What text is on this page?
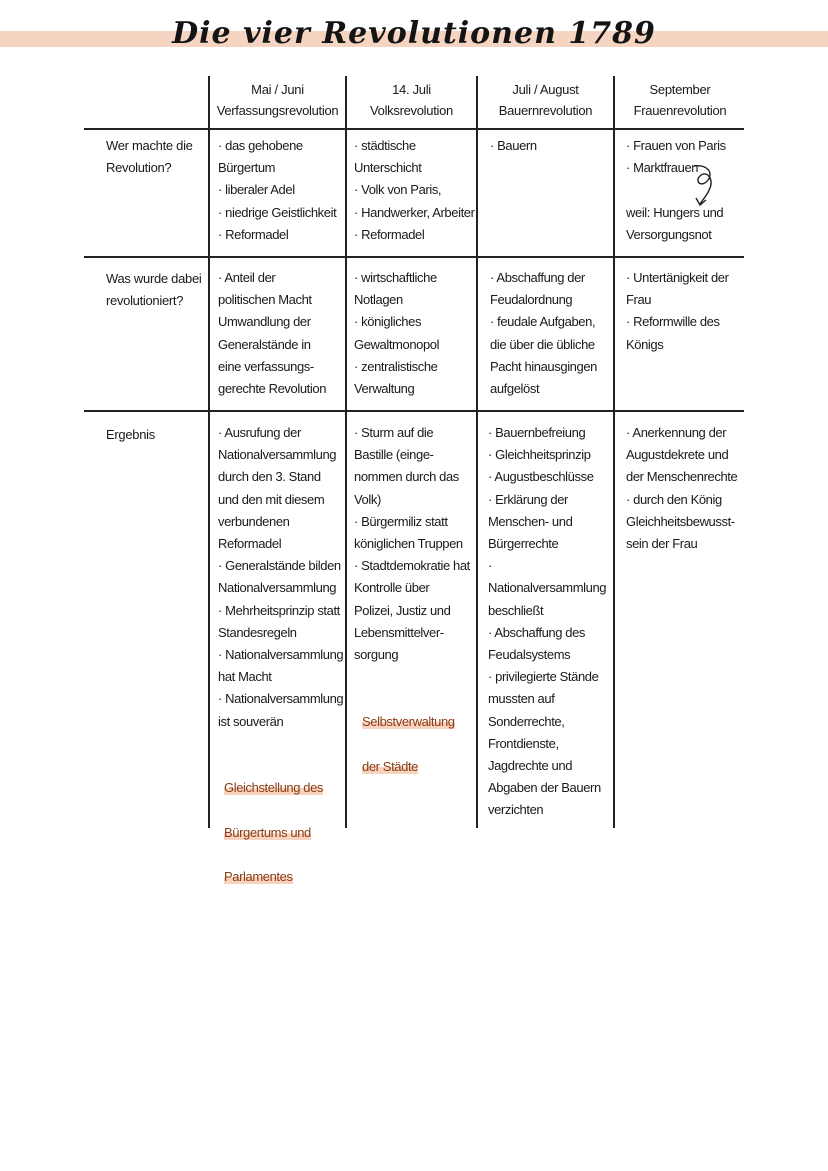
Die vier Revolutionen 1789
Mai / Juni
Verfassungsrevolution
14. Juli
Volksrevolution
Juli / August
Bauernrevolution
September
Frauenrevolution
Wer machte die Revolution?
Was wurde dabei revolutioniert?
Ergebnis
· das gehobene
Bürgertum
· liberaler Adel
· niedrige Geistlichkeit
· Reformadel
· städtische
Unterschicht
· Volk von Paris,
· Handwerker, Arbeiter
· Reformadel
· Bauern	· Frauen von Paris
· Marktfrauen

weil: Hungers und
Versorgungsnot
· Anteil der
politischen Macht
Umwandlung der
Generalstände in
eine verfassungs-
gerechte Revolution
· wirtschaftliche
Notlagen
· königliches
Gewaltmonopol
· zentralistische
Verwaltung
· Abschaffung der
Feudalordnung
· feudale Aufgaben,
die über die übliche
Pacht hinausgingen
aufgelöst
· Untertänigkeit der
Frau
· Reformwille des
Königs
· Ausrufung der
Nationalversammlung
durch den 3. Stand
und den mit diesem
verbundenen
Reformadel
· Generalstände bilden
Nationalversammlung
· Mehrheitsprinzip statt
Standesregeln
· Nationalversammlung
hat Macht
· Nationalversammlung
ist souverän
· Sturm auf die
Bastille (einge-
nommen durch das
Volk)
· Bürgermiliz statt
königlichen Truppen
· Stadtdemokratie hat
Kontrolle über
Polizei, Justiz und
Lebensmittelver-
sorgung
· Bauernbefreiung
· Gleichheitsprinzip
· Augustbeschlüsse
· Erklärung der
Menschen- und
Bürgerrechte
· Nationalversammlung
beschließt
· Abschaffung des
Feudalsystems
· privilegierte Stände
mussten auf
Sonderrechte,
Frontdienste,
Jagdrechte und
Abgaben der Bauern
verzichten
· Anerkennung der
Augustdekrete und
der Menschenrechte
· durch den König
Gleichheitsbewusst-
sein der Frau

Gleichstellung des

Bürgertums und

Parlamentes

Selbstverwaltung

der Städte
